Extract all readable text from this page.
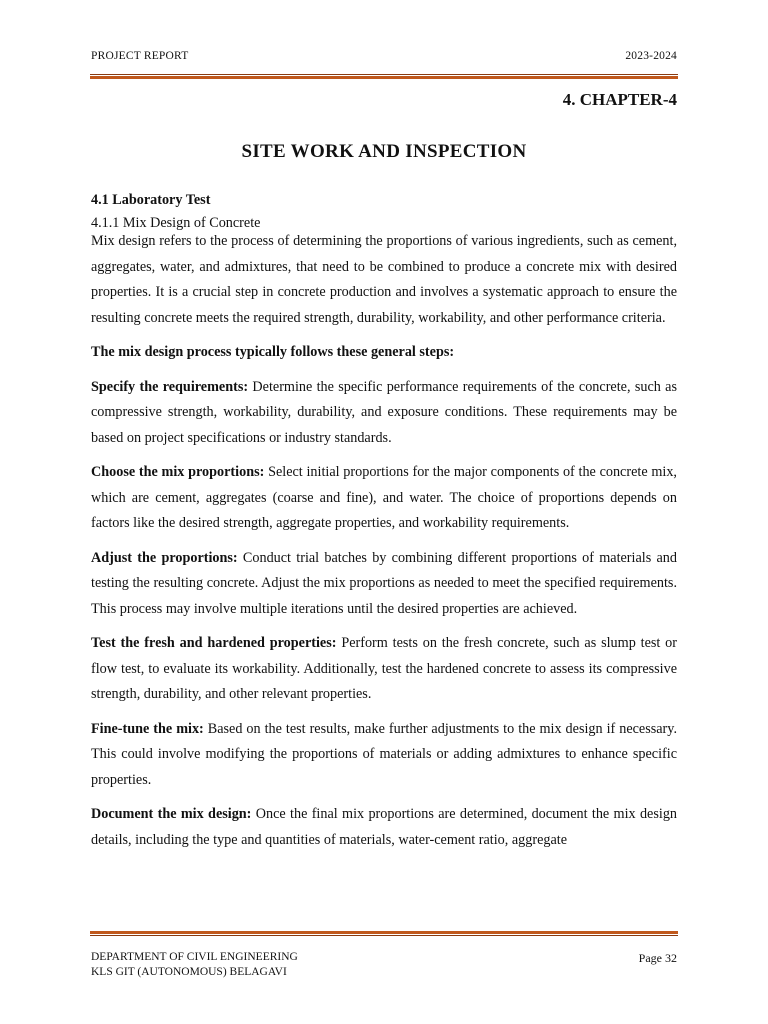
PROJECT REPORT	2023-2024
4. CHAPTER-4
SITE WORK AND INSPECTION

4.1 Laboratory Test

4.1.1 Mix Design of Concrete

Mix design refers to the process of determining the proportions of various ingredients, such as cement, aggregates, water, and admixtures, that need to be combined to produce a concrete mix with desired properties. It is a crucial step in concrete production and involves a systematic approach to ensure the resulting concrete meets the required strength, durability, workability, and other performance criteria.

The mix design process typically follows these general steps:

Specify the requirements: Determine the specific performance requirements of the concrete, such as compressive strength, workability, durability, and exposure conditions. These requirements may be based on project specifications or industry standards.

Choose the mix proportions: Select initial proportions for the major components of the concrete mix, which are cement, aggregates (coarse and fine), and water. The choice of proportions depends on factors like the desired strength, aggregate properties, and workability requirements.

Adjust the proportions: Conduct trial batches by combining different proportions of materials and testing the resulting concrete. Adjust the mix proportions as needed to meet the specified requirements. This process may involve multiple iterations until the desired properties are achieved.

Test the fresh and hardened properties: Perform tests on the fresh concrete, such as slump test or flow test, to evaluate its workability. Additionally, test the hardened concrete to assess its compressive strength, durability, and other relevant properties.

Fine-tune the mix: Based on the test results, make further adjustments to the mix design if necessary. This could involve modifying the proportions of materials or adding admixtures to enhance specific properties.

Document the mix design: Once the final mix proportions are determined, document the mix design details, including the type and quantities of materials, water-cement ratio, aggregate

DEPARTMENT OF CIVIL ENGINEERING
KLS GIT (AUTONOMOUS) BELAGAVI
Page 32
